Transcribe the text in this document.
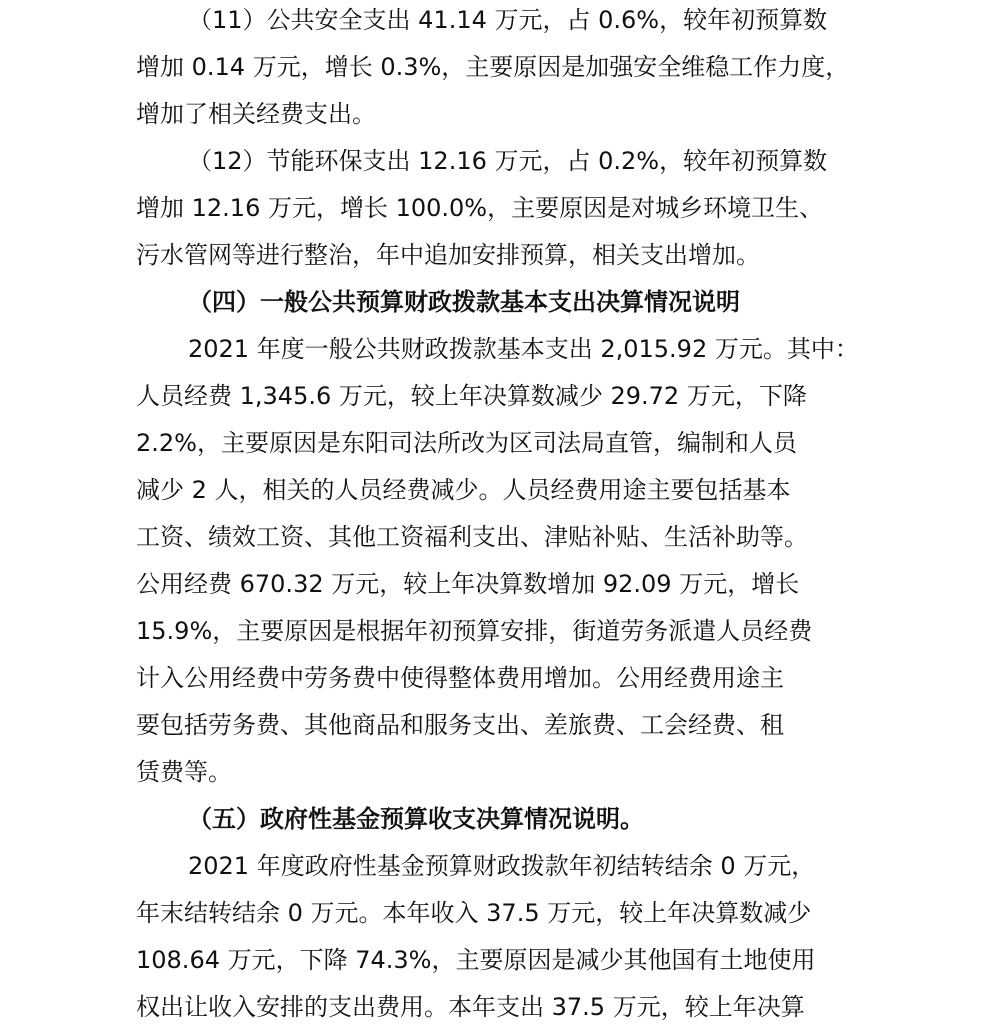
（11）公共安全支出 41.14 万元，占 0.6%，较年初预算数
增加 0.14 万元，增长 0.3%，主要原因是加强安全维稳工作力度，
增加了相关经费支出。
（12）节能环保支出 12.16 万元，占 0.2%，较年初预算数
增加 12.16 万元，增长 100.0%，主要原因是对城乡环境卫生、
污水管网等进行整治，年中追加安排预算，相关支出增加。
（四）一般公共预算财政拨款基本支出决算情况说明
2021 年度一般公共财政拨款基本支出 2,015.92 万元。其中：
人员经费 1,345.6 万元，较上年决算数减少 29.72 万元，下降
2.2%，主要原因是东阳司法所改为区司法局直管，编制和人员
减少 2 人，相关的人员经费减少。人员经费用途主要包括基本
工资、绩效工资、其他工资福利支出、津贴补贴、生活补助等。
公用经费 670.32 万元，较上年决算数增加 92.09 万元，增长
15.9%，主要原因是根据年初预算安排，街道劳务派遣人员经费
计入公用经费中劳务费中使得整体费用增加。公用经费用途主
要包括劳务费、其他商品和服务支出、差旅费、工会经费、租
赁费等。
（五）政府性基金预算收支决算情况说明。
2021 年度政府性基金预算财政拨款年初结转结余 0 万元，
年末结转结余 0 万元。本年收入 37.5 万元，较上年决算数减少
108.64 万元，下降 74.3%，主要原因是减少其他国有土地使用
权出让收入安排的支出费用。本年支出 37.5 万元，较上年决算
